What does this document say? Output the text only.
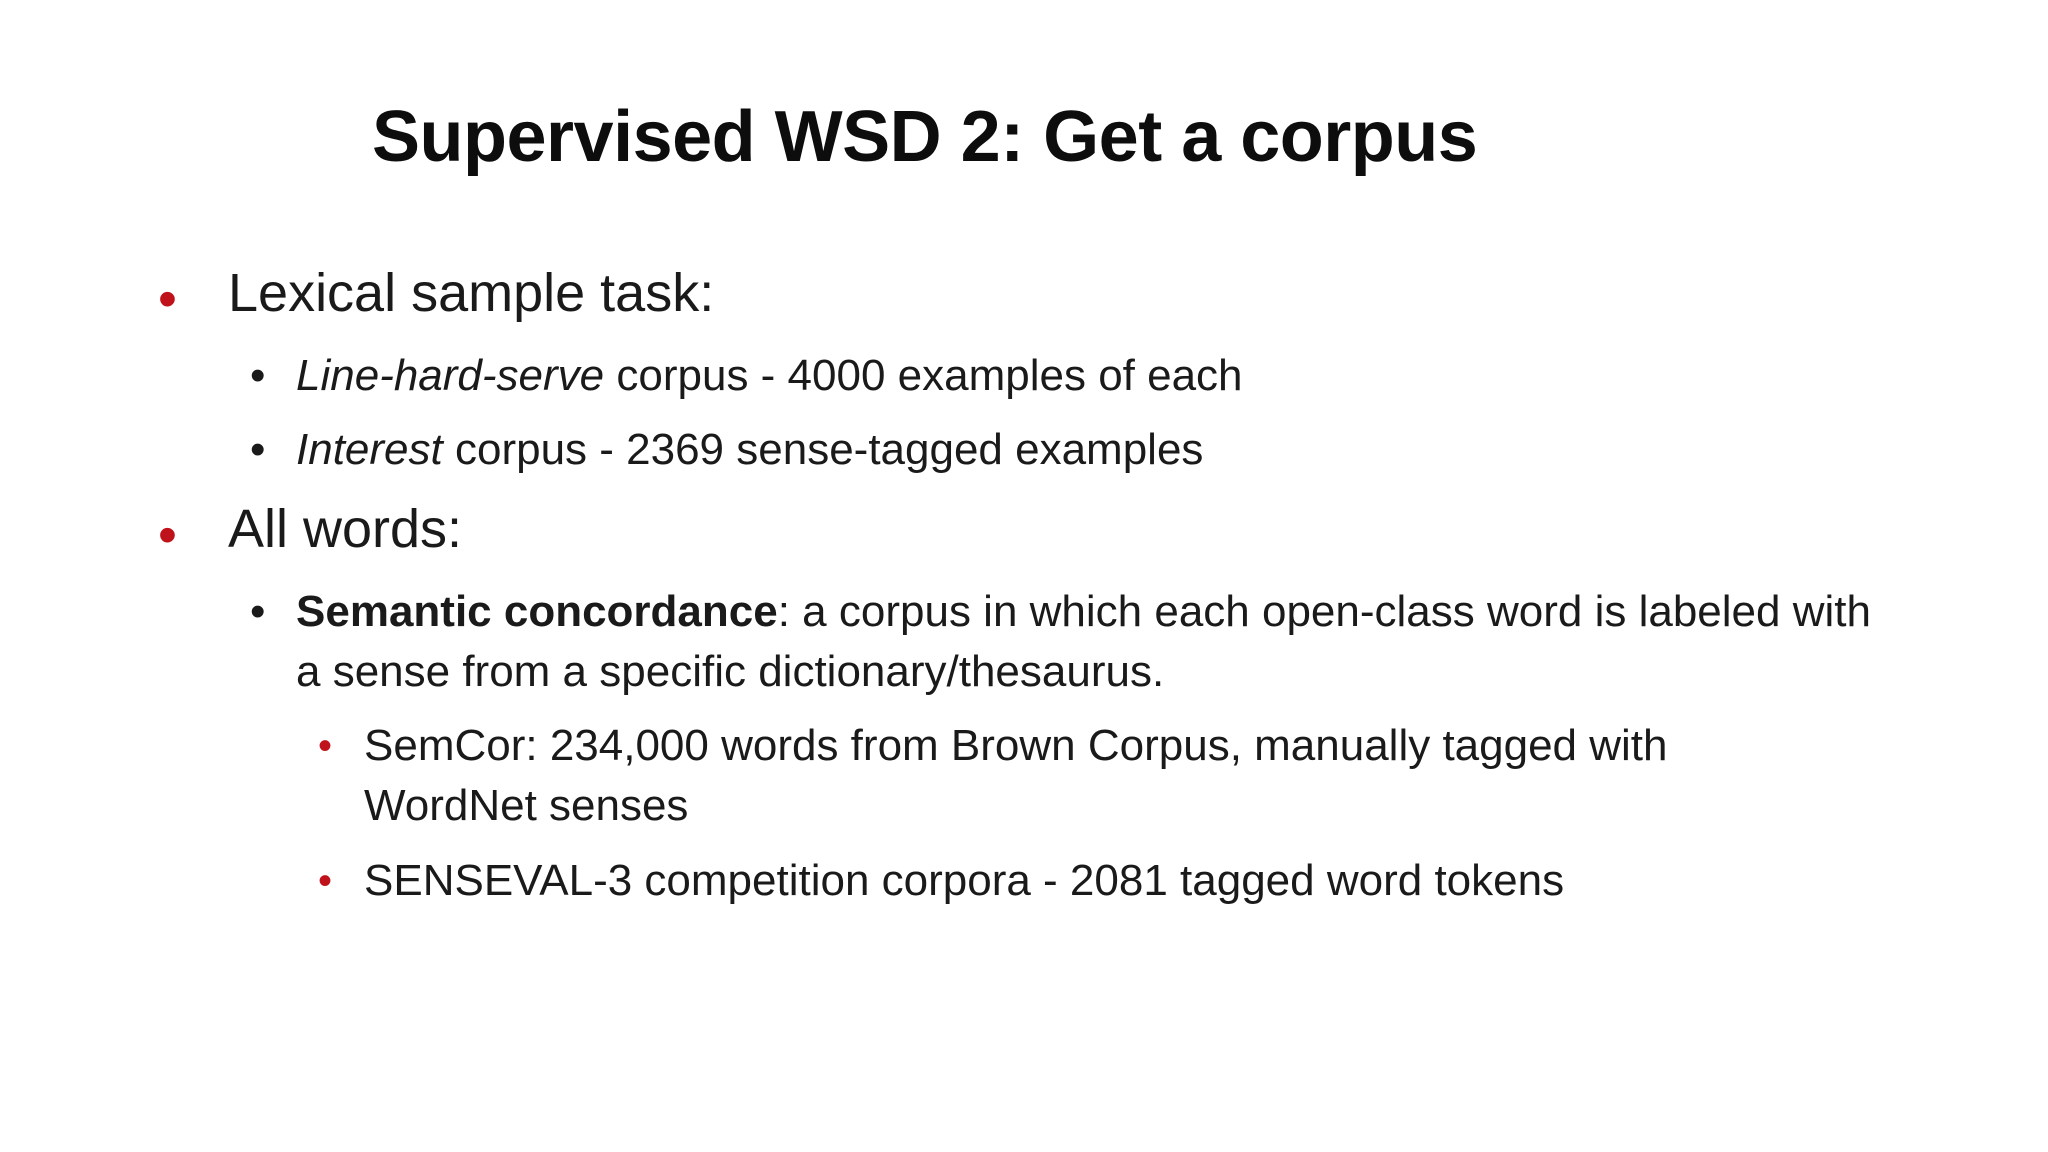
Supervised WSD 2: Get a corpus
• Lexical sample task:
• Line-hard-serve corpus - 4000 examples of each
• Interest corpus - 2369 sense-tagged examples
• All words:
• Semantic concordance: a corpus in which each open-class word is labeled with a sense from a specific dictionary/thesaurus.
• SemCor: 234,000 words from Brown Corpus, manually tagged with WordNet senses
• SENSEVAL-3 competition corpora - 2081 tagged word tokens
